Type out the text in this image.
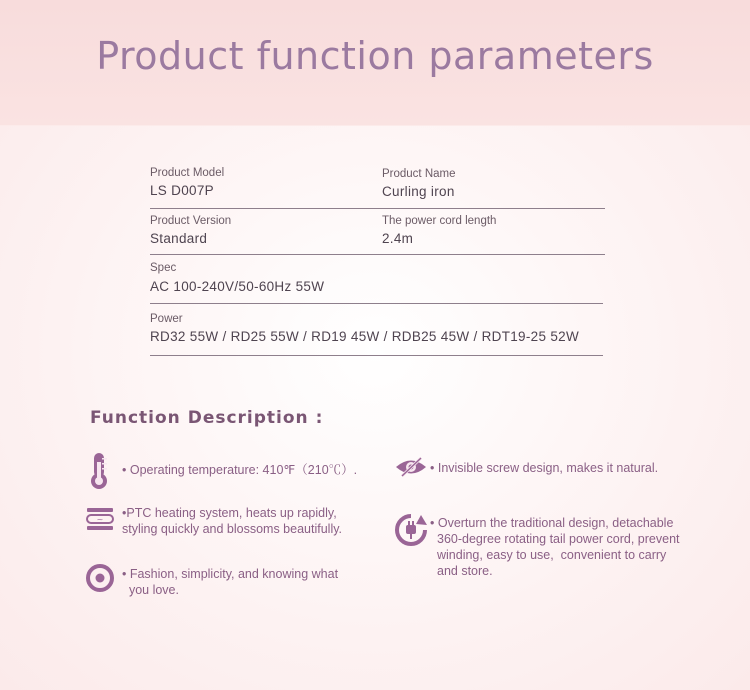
Product function parameters
Product Model
LS D007P
Product Name
Curling iron
Product Version
Standard
The power cord length
2.4m
Spec
AC 100-240V/50-60Hz 55W
Power
RD32 55W / RD25 55W / RD19 45W / RDB25 45W / RDT19-25 52W
Function Description :
• Operating temperature: 410℉（210℃）.
~ •PTC heating system, heats up rapidly,
styling quickly and blossoms beautifully.
• Fashion, simplicity, and knowing what
you love.
• Invisible screw design, makes it natural.
• Overturn the traditional design, detachable
360-degree rotating tail power cord, prevent
winding, easy to use,  convenient to carry
and store.
